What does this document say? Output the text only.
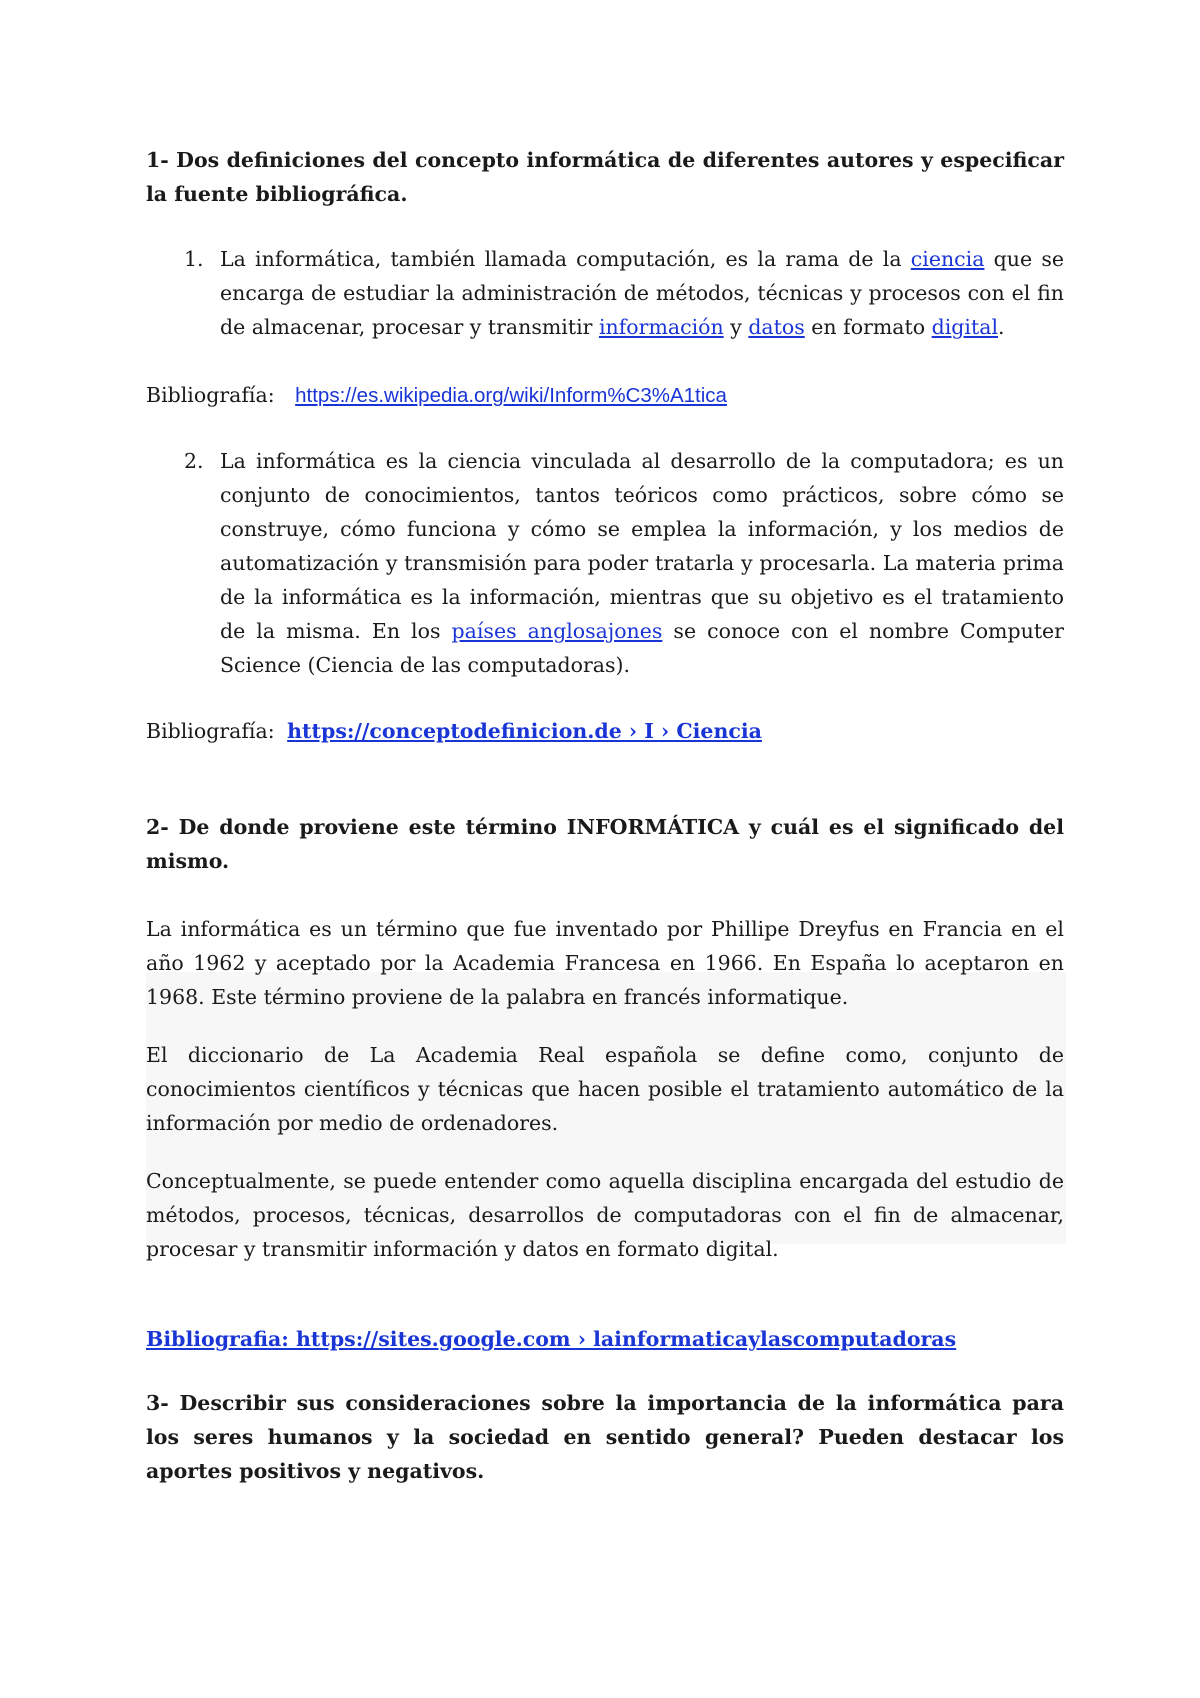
1- Dos definiciones del concepto informática de diferentes autores y especificar la fuente bibliográfica.

1. La informática, también llamada computación, es la rama de la ciencia que se encarga de estudiar la administración de métodos, técnicas y procesos con el fin de almacenar, procesar y transmitir información y datos en formato digital.

Bibliografía: https://es.wikipedia.org/wiki/Inform%C3%A1tica

2. La informática es la ciencia vinculada al desarrollo de la computadora; es un conjunto de conocimientos, tantos teóricos como prácticos, sobre cómo se construye, cómo funciona y cómo se emplea la información, y los medios de automatización y transmisión para poder tratarla y procesarla. La materia prima de la informática es la información, mientras que su objetivo es el tratamiento de la misma. En los países anglosajones se conoce con el nombre Computer Science (Ciencia de las computadoras).

Bibliografía: https://conceptodefinicion.de › I › Ciencia

2- De donde proviene este término INFORMÁTICA y cuál es el significado del mismo.

La informática es un término que fue inventado por Phillipe Dreyfus en Francia en el año 1962 y aceptado por la Academia Francesa en 1966. En España lo aceptaron en 1968. Este término proviene de la palabra en francés informatique.

El diccionario de La Academia Real española se define como, conjunto de conocimientos científicos y técnicas que hacen posible el tratamiento automático de la información por medio de ordenadores.

Conceptualmente, se puede entender como aquella disciplina encargada del estudio de métodos, procesos, técnicas, desarrollos de computadoras con el fin de almacenar, procesar y transmitir información y datos en formato digital.

Bibliografia: https://sites.google.com › lainformaticaylascomputadoras

3- Describir sus consideraciones sobre la importancia de la informática para los seres humanos y la sociedad en sentido general? Pueden destacar los aportes positivos y negativos.
